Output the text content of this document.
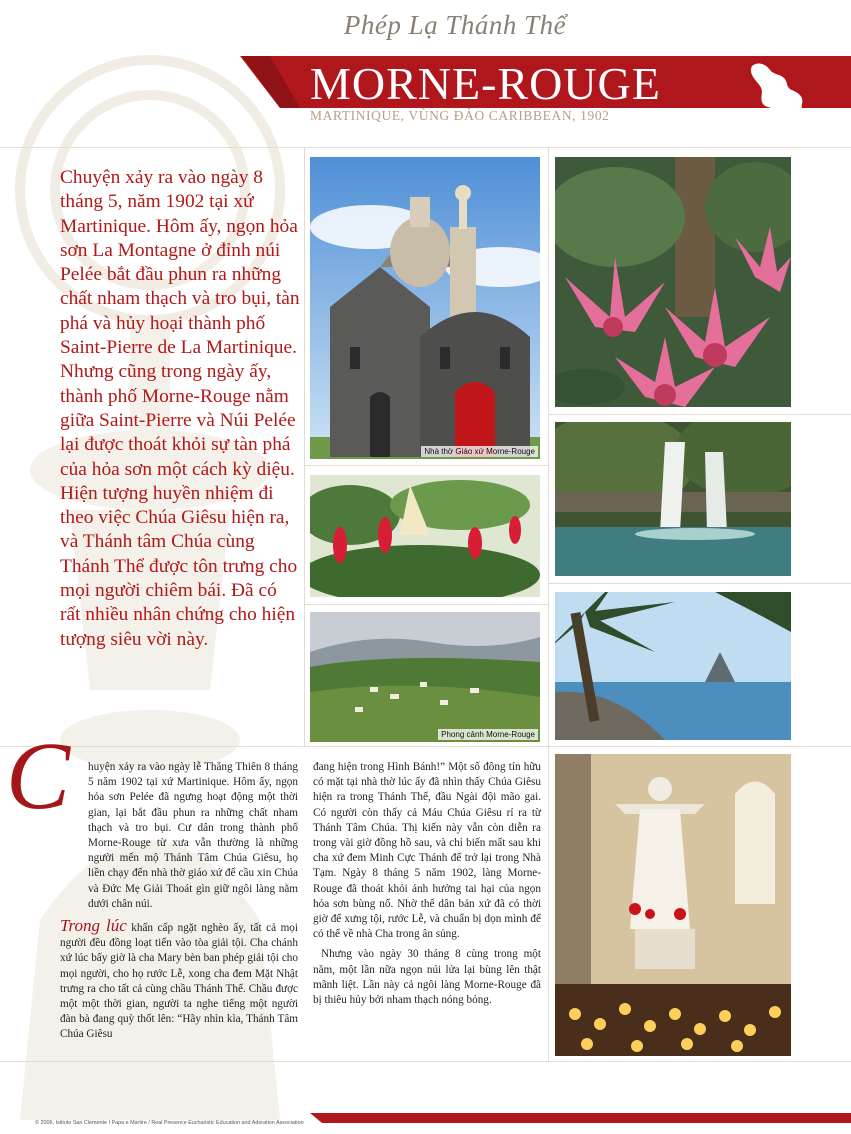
Phép Lạ Thánh Thể
MORNE-ROUGE
MARTINIQUE, VÙNG ĐẢO CARIBBEAN, 1902
Chuyện xảy ra vào ngày 8 tháng 5, năm 1902 tại xứ Martinique. Hôm ấy, ngọn hỏa sơn La Montagne ở đỉnh núi Pelée bắt đầu phun ra những chất nham thạch và tro bụi, tàn phá và hủy hoại thành phố Saint-Pierre de La Martinique. Nhưng cũng trong ngày ấy, thành phố Morne-Rouge nằm giữa Saint-Pierre và Núi Pelée lại được thoát khỏi sự tàn phá của hỏa sơn một cách kỳ diệu. Hiện tượng huyền nhiệm đi theo việc Chúa Giêsu hiện ra, và Thánh tâm Chúa cùng Thánh Thể được tôn trưng cho mọi người chiêm bái. Đã có rất nhiều nhân chứng cho hiện tượng siêu vời này.
Nhà thờ Giáo xứ Morne-Rouge
Phong cảnh Morne-Rouge
C huyện xảy ra vào ngày lễ Thăng Thiên 8 tháng 5 năm 1902 tại xứ Martinique. Hôm ấy, ngọn hỏa sơn Pelée đã ngưng hoạt động một thời gian, lại bắt đầu phun ra những chất nham thạch và tro bụi. Cư dân trong thành phố Morne-Rouge từ xưa vẫn thường là những người mến mộ Thánh Tâm Chúa Giêsu, họ liền chạy đến nhà thờ giáo xứ để cầu xin Chúa và Đức Mẹ Giải Thoát gìn giữ ngôi làng nằm dưới chân núi.

Trong lúc khẩn cấp ngặt nghèo ấy, tất cả mọi người đều đồng loạt tiến vào tòa giải tội. Cha chánh xứ lúc bấy giờ là cha Mary bèn ban phép giải tội cho mọi người, cho họ rước Lễ, xong cha đem Mặt Nhật trưng ra cho tất cả cùng chầu Thánh Thể. Chầu được một một thời gian, người ta nghe tiếng một người đàn bà đang quỳ thốt lên: “Hãy nhìn kìa, Thánh Tâm Chúa Giêsu

đang hiện trong Hình Bánh!” Một số đông tín hữu có mặt tại nhà thờ lúc ấy đã nhìn thấy Chúa Giêsu hiện ra trong Thánh Thể, đầu Ngài đội mão gai. Có người còn thấy cả Máu Chúa Giêsu rỉ ra từ Thánh Tâm Chúa. Thị kiến này vẫn còn diễn ra trong vài giờ đồng hồ sau, và chỉ biến mất sau khi cha xứ đem Minh Cực Thánh để trở lại trong Nhà Tạm. Ngày 8 tháng 5 năm 1902, làng Morne-Rouge đã thoát khỏi ảnh hưởng tai hại của ngọn hỏa sơn bùng nổ. Nhờ thế dân bản xứ đã có thời giờ để xưng tội, rước Lễ, và chuẩn bị dọn mình để có thể về nhà Cha trong ân sủng.

Nhưng vào ngày 30 tháng 8 cùng trong một năm, một lần nữa ngọn núi lửa lại bùng lên thật mãnh liệt. Lần này cả ngôi làng Morne-Rouge đã bị thiêu hủy bởi nham thạch nóng bỏng.

© 2006, Istituto San Clemente I Papa e Martire / Real Presence Eucharistic Education and Adoration Association
